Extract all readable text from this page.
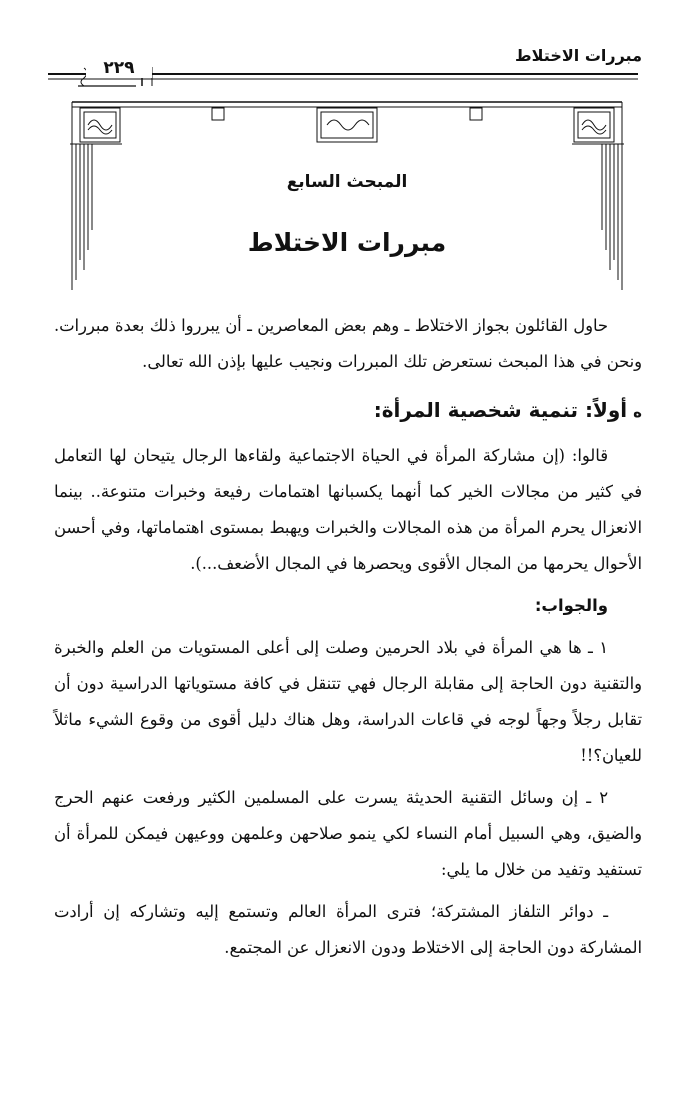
مبررات الاختلاط
٢٢٩
المبحث السابع
مبررات الاختلاط

حاول القائلون بجواز الاختلاط ـ وهم بعض المعاصرين ـ أن يبرروا ذلك بعدة مبررات. ونحن في هذا المبحث نستعرض تلك المبررات ونجيب عليها بإذن الله تعالى.

ەأولاً: تنمية شخصية المرأة:

قالوا: (إن مشاركة المرأة في الحياة الاجتماعية ولقاءها الرجال يتيحان لها التعامل في كثير من مجالات الخير كما أنهما يكسبانها اهتمامات رفيعة وخبرات متنوعة.. بينما الانعزال يحرم المرأة من هذه المجالات والخبرات ويهبط بمستوى اهتماماتها، وفي أحسن الأحوال يحرمها من المجال الأقوى ويحصرها في المجال الأضعف...).

والجواب:

١ ـ ها هي المرأة في بلاد الحرمين وصلت إلى أعلى المستويات من العلم والخبرة والتقنية دون الحاجة إلى مقابلة الرجال فهي تتنقل في كافة مستوياتها الدراسية دون أن تقابل رجلاً وجهاً لوجه في قاعات الدراسة، وهل هناك دليل أقوى من وقوع الشيء ماثلاً للعيان؟!!

٢ ـ إن وسائل التقنية الحديثة يسرت على المسلمين الكثير ورفعت عنهم الحرج والضيق، وهي السبيل أمام النساء لكي ينمو صلاحهن وعلمهن ووعيهن فيمكن للمرأة أن تستفيد وتفيد من خلال ما يلي:

ـ دوائر التلفاز المشتركة؛ فترى المرأة العالم وتستمع إليه وتشاركه إن أرادت المشاركة دون الحاجة إلى الاختلاط ودون الانعزال عن المجتمع.
